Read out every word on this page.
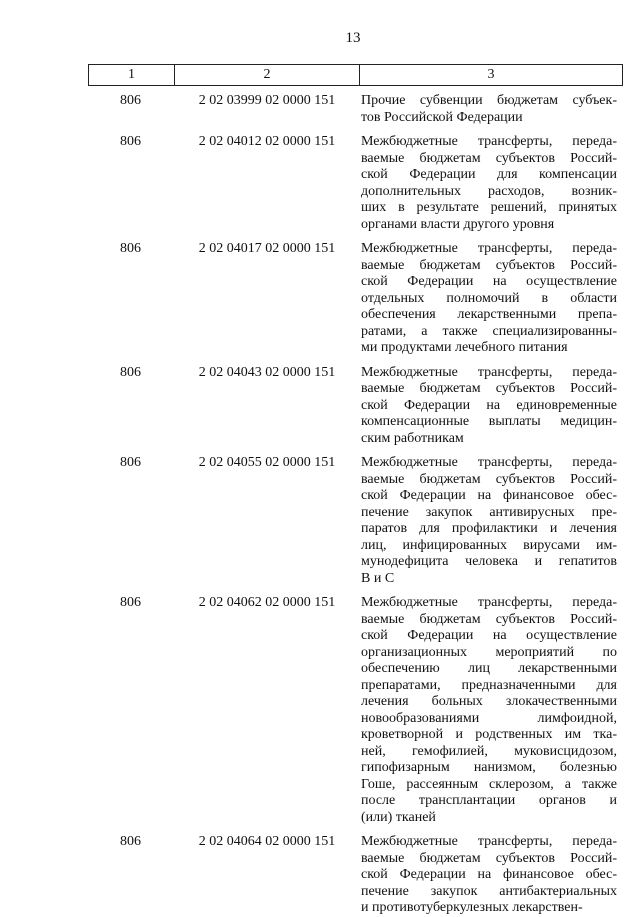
13
1	2	3
806	2 02 03999 02 0000 151	Прочие субвенции бюджетам субъек-
тов Российской Федерации
806	2 02 04012 02 0000 151	Межбюджетные трансферты, переда-
ваемые бюджетам субъектов Россий-
ской Федерации для компенсации
дополнительных расходов, возник-
ших в результате решений, принятых
органами власти другого уровня
806	2 02 04017 02 0000 151	Межбюджетные трансферты, переда-
ваемые бюджетам субъектов Россий-
ской Федерации на осуществление
отдельных полномочий в области
обеспечения лекарственными препа-
ратами, а также специализированны-
ми продуктами лечебного питания
806	2 02 04043 02 0000 151	Межбюджетные трансферты, переда-
ваемые бюджетам субъектов Россий-
ской Федерации на единовременные
компенсационные выплаты медицин-
ским работникам
806	2 02 04055 02 0000 151	Межбюджетные трансферты, переда-
ваемые бюджетам субъектов Россий-
ской Федерации на финансовое обес-
печение закупок антивирусных пре-
паратов для профилактики и лечения
лиц, инфицированных вирусами им-
мунодефицита человека и гепатитов
В и С
806	2 02 04062 02 0000 151	Межбюджетные трансферты, переда-
ваемые бюджетам субъектов Россий-
ской Федерации на осуществление
организационных мероприятий по
обеспечению лиц лекарственными
препаратами, предназначенными для
лечения больных злокачественными
новообразованиями лимфоидной,
кроветворной и родственных им тка-
ней, гемофилией, муковисцидозом,
гипофизарным нанизмом, болезнью
Гоше, рассеянным склерозом, а также
после трансплантации органов и
(или) тканей
806	2 02 04064 02 0000 151	Межбюджетные трансферты, переда-
ваемые бюджетам субъектов Россий-
ской Федерации на финансовое обес-
печение закупок антибактериальных
и противотуберкулезных лекарствен-
